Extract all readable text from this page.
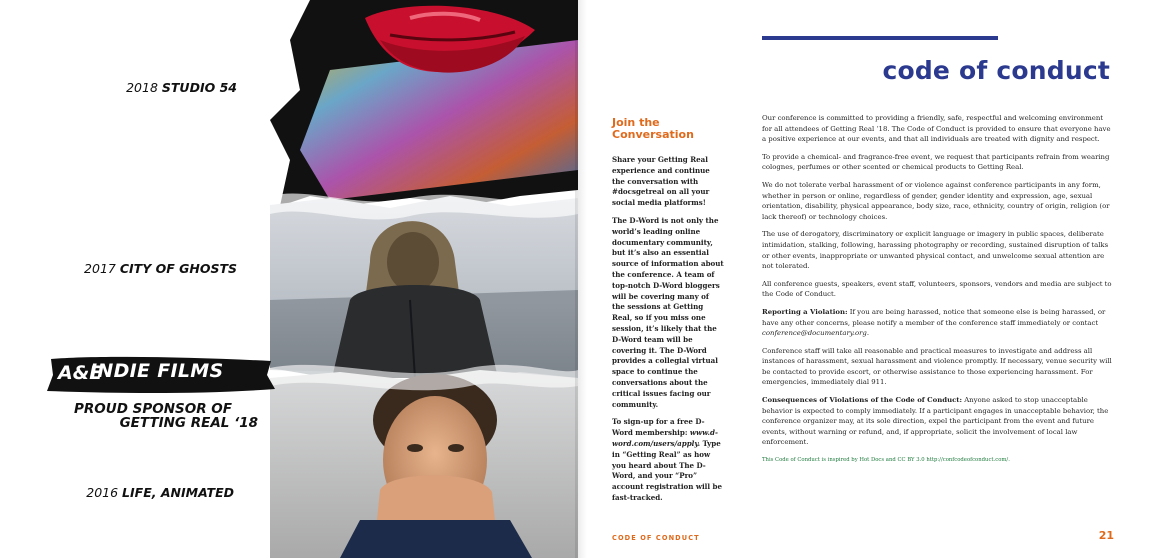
2018 STUDIO 54
2017 CITY OF GHOSTS
2016 LIFE, ANIMATED
A&E
INDIE FILMS
PROUD SPONSOR OF
GETTING REAL ‘18
Join the
Conversation

Share your Getting Real experience and continue the conversation with #docsgetreal on all your social media platforms!

The D-Word is not only the world’s leading online documentary community, but it’s also an essential source of information about the conference. A team of top-notch D-Word bloggers will be covering many of the sessions at Getting Real, so if you miss one session, it’s likely that the D-Word team will be covering it. The D-Word provides a collegial virtual space to continue the conversations about the critical issues facing our community.

To sign-up for a free D-Word membership: www.d-word.com/users/apply. Type in “Getting Real” as how you heard about The D-Word, and your “Pro” account registration will be fast-tracked.

code of conduct

Our conference is committed to providing a friendly, safe, respectful and welcoming environment for all attendees of Getting Real ‘18. The Code of Conduct is provided to ensure that everyone have a positive experience at our events, and that all individuals are treated with dignity and respect.

To provide a chemical- and fragrance-free event, we request that participants refrain from wearing colognes, perfumes or other scented or chemical products to Getting Real.

We do not tolerate verbal harassment of or violence against conference participants in any form, whether in person or online, regardless of gender, gender identity and expression, age, sexual orientation, disability, physical appearance, body size, race, ethnicity, country of origin, religion (or lack thereof) or technology choices.

The use of derogatory, discriminatory or explicit language or imagery in public spaces, deliberate intimidation, stalking, following, harassing photography or recording, sustained disruption of talks or other events, inappropriate or unwanted physical contact, and unwelcome sexual attention are not tolerated.

All conference guests, speakers, event staff, volunteers, sponsors, vendors and media are subject to the Code of Conduct.

Reporting a Violation: If you are being harassed, notice that someone else is being harassed, or have any other concerns, please notify a member of the conference staff immediately or contact conference@documentary.org.

Conference staff will take all reasonable and practical measures to investigate and address all instances of harassment, sexual harassment and violence promptly. If necessary, venue security will be contacted to provide escort, or otherwise assistance to those experiencing harassment. For emergencies, immediately dial 911.

Consequences of Violations of the Code of Conduct: Anyone asked to stop unacceptable behavior is expected to comply immediately. If a participant engages in unacceptable behavior, the conference organizer may, at its sole direction, expel the participant from the event and future events, without warning or refund, and, if appropriate, solicit the involvement of local law enforcement.

This Code of Conduct is inspired by Hot Docs and CC BY 3.0 http://confcodeofconduct.com/.

CODE OF CONDUCT	21
